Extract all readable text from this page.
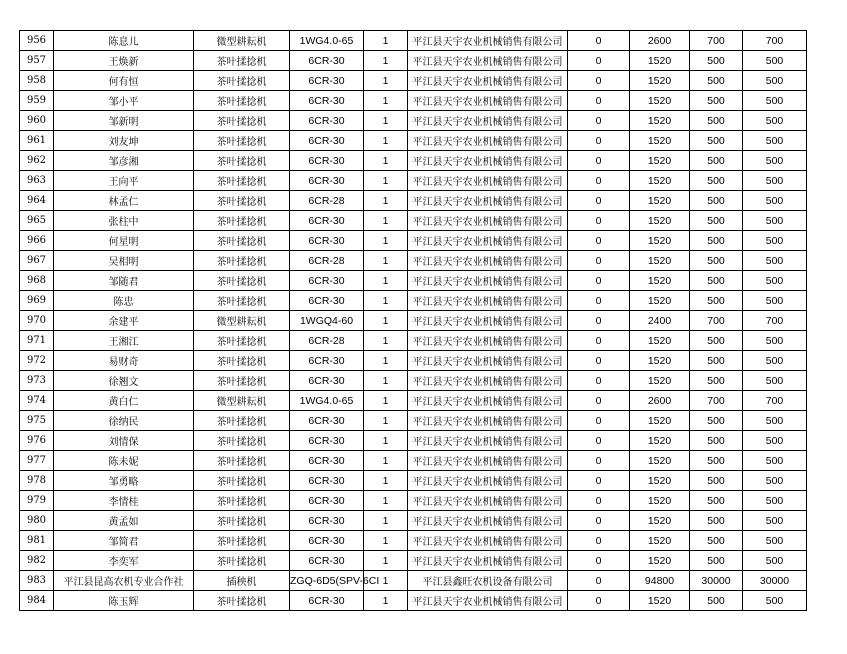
956	陈息儿	微型耕耘机	1WG4.0-65	1	平江县天宇农业机械销售有限公司	0	2600	700	700
957	王焕新	茶叶揉捻机	6CR-30	1	平江县天宇农业机械销售有限公司	0	1520	500	500
958	何有恒	茶叶揉捻机	6CR-30	1	平江县天宇农业机械销售有限公司	0	1520	500	500
959	邹小平	茶叶揉捻机	6CR-30	1	平江县天宇农业机械销售有限公司	0	1520	500	500
960	邹新明	茶叶揉捻机	6CR-30	1	平江县天宇农业机械销售有限公司	0	1520	500	500
961	刘友坤	茶叶揉捻机	6CR-30	1	平江县天宇农业机械销售有限公司	0	1520	500	500
962	邹彦湘	茶叶揉捻机	6CR-30	1	平江县天宇农业机械销售有限公司	0	1520	500	500
963	王向平	茶叶揉捻机	6CR-30	1	平江县天宇农业机械销售有限公司	0	1520	500	500
964	林孟仁	茶叶揉捻机	6CR-28	1	平江县天宇农业机械销售有限公司	0	1520	500	500
965	张柱中	茶叶揉捻机	6CR-30	1	平江县天宇农业机械销售有限公司	0	1520	500	500
966	何星明	茶叶揉捻机	6CR-30	1	平江县天宇农业机械销售有限公司	0	1520	500	500
967	吴相明	茶叶揉捻机	6CR-28	1	平江县天宇农业机械销售有限公司	0	1520	500	500
968	邹随君	茶叶揉捻机	6CR-30	1	平江县天宇农业机械销售有限公司	0	1520	500	500
969	陈忠	茶叶揉捻机	6CR-30	1	平江县天宇农业机械销售有限公司	0	1520	500	500
970	余建平	微型耕耘机	1WGQ4-60	1	平江县天宇农业机械销售有限公司	0	2400	700	700
971	王湘江	茶叶揉捻机	6CR-28	1	平江县天宇农业机械销售有限公司	0	1520	500	500
972	易财奇	茶叶揉捻机	6CR-30	1	平江县天宇农业机械销售有限公司	0	1520	500	500
973	徐翘文	茶叶揉捻机	6CR-30	1	平江县天宇农业机械销售有限公司	0	1520	500	500
974	黄白仁	微型耕耘机	1WG4.0-65	1	平江县天宇农业机械销售有限公司	0	2600	700	700
975	徐纳民	茶叶揉捻机	6CR-30	1	平江县天宇农业机械销售有限公司	0	1520	500	500
976	刘情保	茶叶揉捻机	6CR-30	1	平江县天宇农业机械销售有限公司	0	1520	500	500
977	陈未妮	茶叶揉捻机	6CR-30	1	平江县天宇农业机械销售有限公司	0	1520	500	500
978	邹勇略	茶叶揉捻机	6CR-30	1	平江县天宇农业机械销售有限公司	0	1520	500	500
979	李情桂	茶叶揉捻机	6CR-30	1	平江县天宇农业机械销售有限公司	0	1520	500	500
980	黄孟如	茶叶揉捻机	6CR-30	1	平江县天宇农业机械销售有限公司	0	1520	500	500
981	邹简君	茶叶揉捻机	6CR-30	1	平江县天宇农业机械销售有限公司	0	1520	500	500
982	李奕军	茶叶揉捻机	6CR-30	1	平江县天宇农业机械销售有限公司	0	1520	500	500
983	平江县昆高农机专业合作社	插秧机	ZGQ-6D5(SPV-6CI	1	平江县鑫旺农机设备有限公司	0	94800	30000	30000
984	陈玉辉	茶叶揉捻机	6CR-30	1	平江县天宇农业机械销售有限公司	0	1520	500	500
